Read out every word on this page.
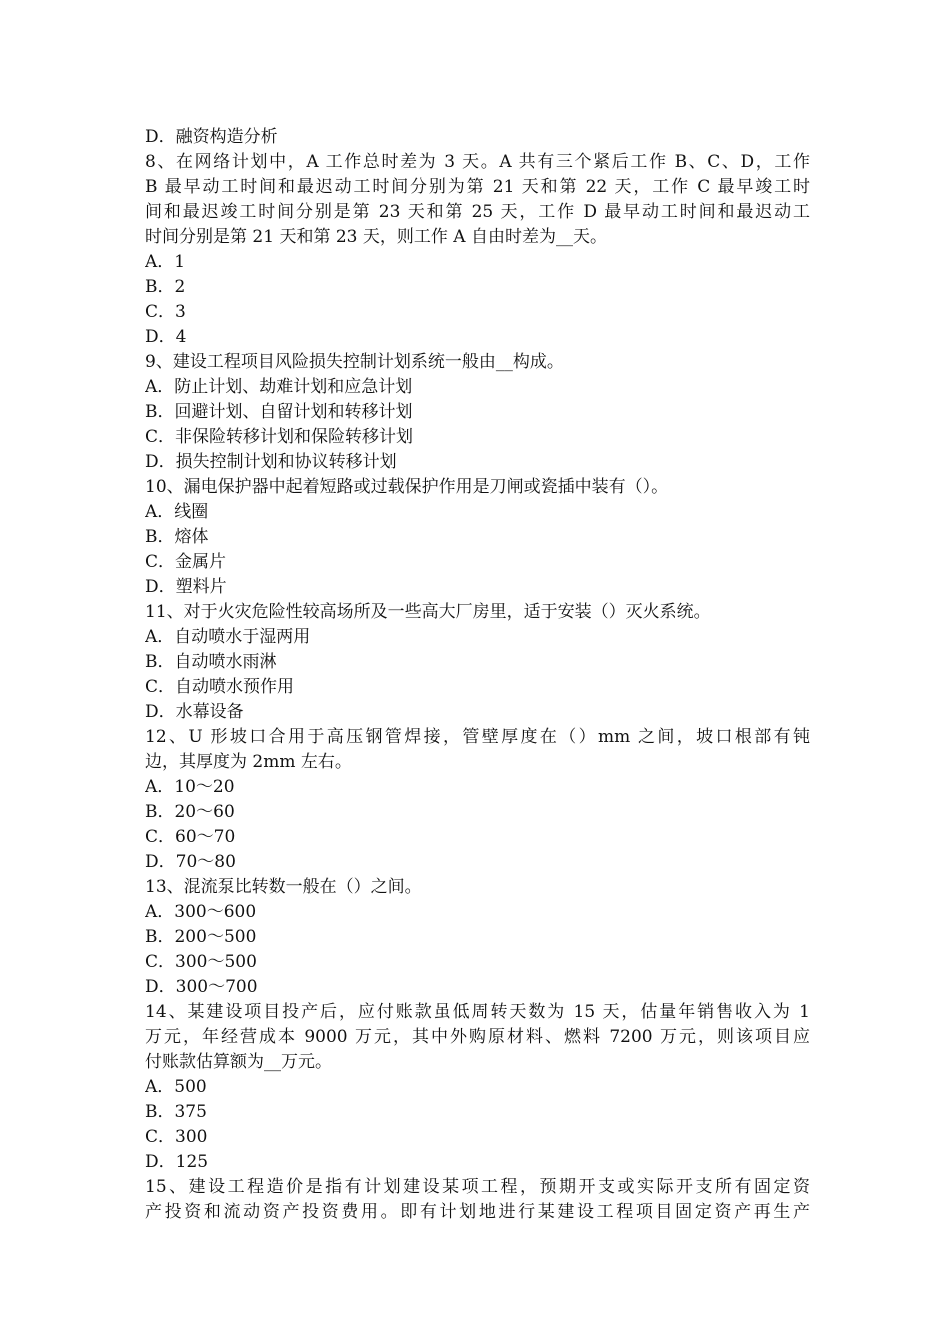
D．融资构造分析
8、在网络计划中，A 工作总时差为 3 天。A 共有三个紧后工作 B、C、D，工作
B 最早动工时间和最迟动工时间分别为第 21 天和第 22 天，工作 C 最早竣工时
间和最迟竣工时间分别是第 23 天和第 25 天，工作 D 最早动工时间和最迟动工
时间分别是第 21 天和第 23 天，则工作 A 自由时差为__天。
A．1
B．2
C．3
D．4
9、建设工程项目风险损失控制计划系统一般由__构成。
A．防止计划、劫难计划和应急计划
B．回避计划、自留计划和转移计划
C．非保险转移计划和保险转移计划
D．损失控制计划和协议转移计划
10、漏电保护器中起着短路或过载保护作用是刀闸或瓷插中装有（）。
A．线圈
B．熔体
C．金属片
D．塑料片
11、对于火灾危险性较高场所及一些高大厂房里，适于安装（）灭火系统。
A．自动喷水于湿两用
B．自动喷水雨淋
C．自动喷水预作用
D．水幕设备
12、U 形坡口合用于高压钢管焊接，管壁厚度在（）mm 之间，坡口根部有钝
边，其厚度为 2mm 左右。
A．10～20
B．20～60
C．60～70
D．70～80
13、混流泵比转数一般在（）之间。
A．300～600
B．200～500
C．300～500
D．300～700
14、某建设项目投产后，应付账款虽低周转天数为 15 天，估量年销售收入为 1
万元，年经营成本 9000 万元，其中外购原材料、燃料 7200 万元，则该项目应
付账款估算额为__万元。
A．500
B．375
C．300
D．125
15、建设工程造价是指有计划建设某项工程，预期开支或实际开支所有固定资
产投资和流动资产投资费用。即有计划地进行某建设工程项目固定资产再生产
